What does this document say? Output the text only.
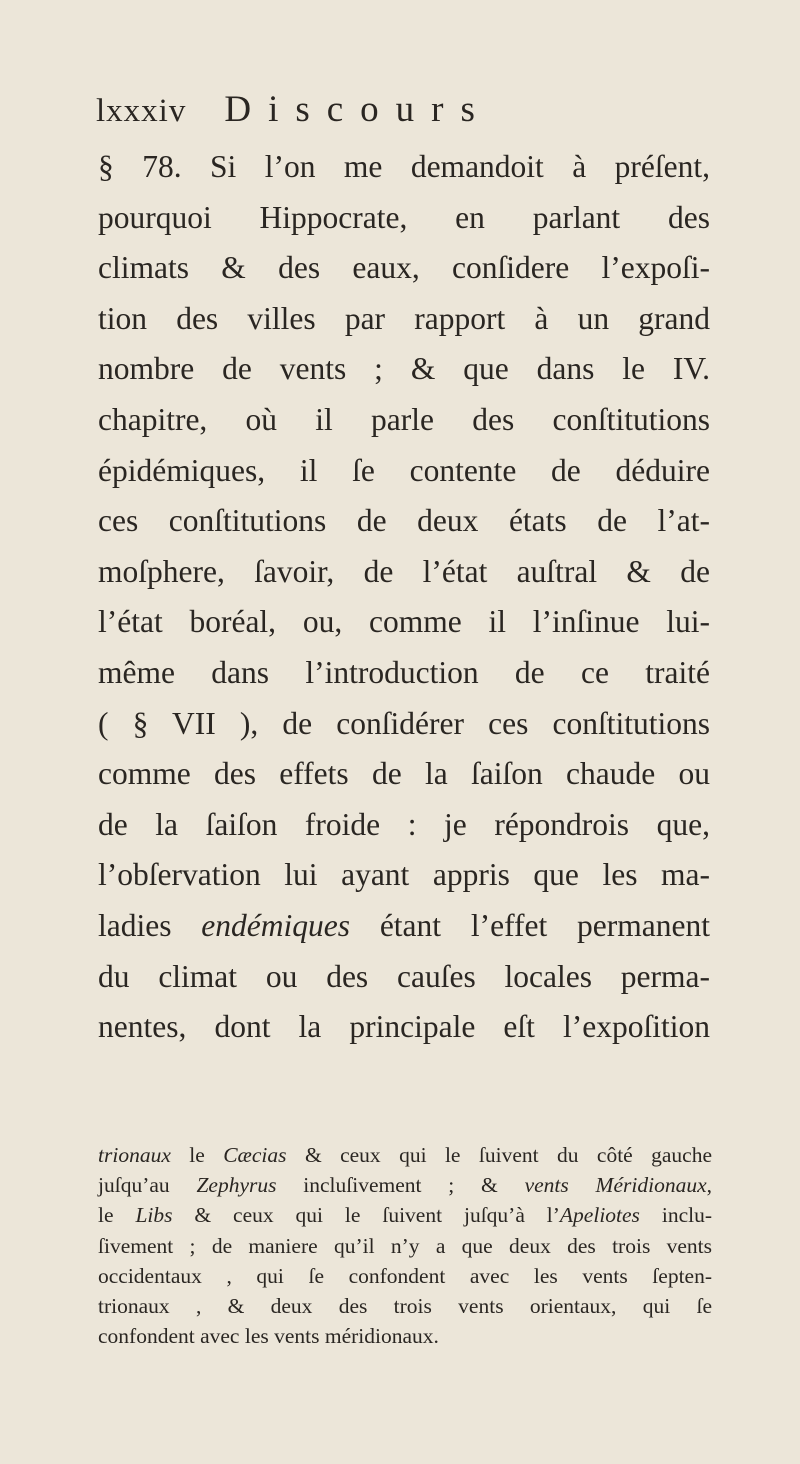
lxxxiv Discours
§ 78. Si l’on me demandoit à préſent,
pourquoi Hippocrate, en parlant des
climats & des eaux, conſidere l’expoſi-
tion des villes par rapport à un grand
nombre de vents ; & que dans le IV.
chapitre, où il parle des conſtitutions
épidémiques, il ſe contente de déduire
ces conſtitutions de deux états de l’at-
moſphere, ſavoir, de l’état auſtral & de
l’état boréal, ou, comme il l’inſinue lui-
même dans l’introduction de ce traité
( § VII ), de conſidérer ces conſtitutions
comme des effets de la ſaiſon chaude ou
de la ſaiſon froide : je répondrois que,
l’obſervation lui ayant appris que les ma-
ladies endémiques étant l’effet permanent
du climat ou des cauſes locales perma-
nentes, dont la principale eſt l’expoſition
trionaux le Cæcias & ceux qui le ſuivent du côté gauche
juſqu’au Zephyrus incluſivement ; & vents Méridionaux,
le Libs & ceux qui le ſuivent juſqu’à l’Apeliotes inclu-
ſivement ; de maniere qu’il n’y a que deux des trois vents
occidentaux , qui ſe confondent avec les vents ſepten-
trionaux , & deux des trois vents orientaux, qui ſe
confondent avec les vents méridionaux.
